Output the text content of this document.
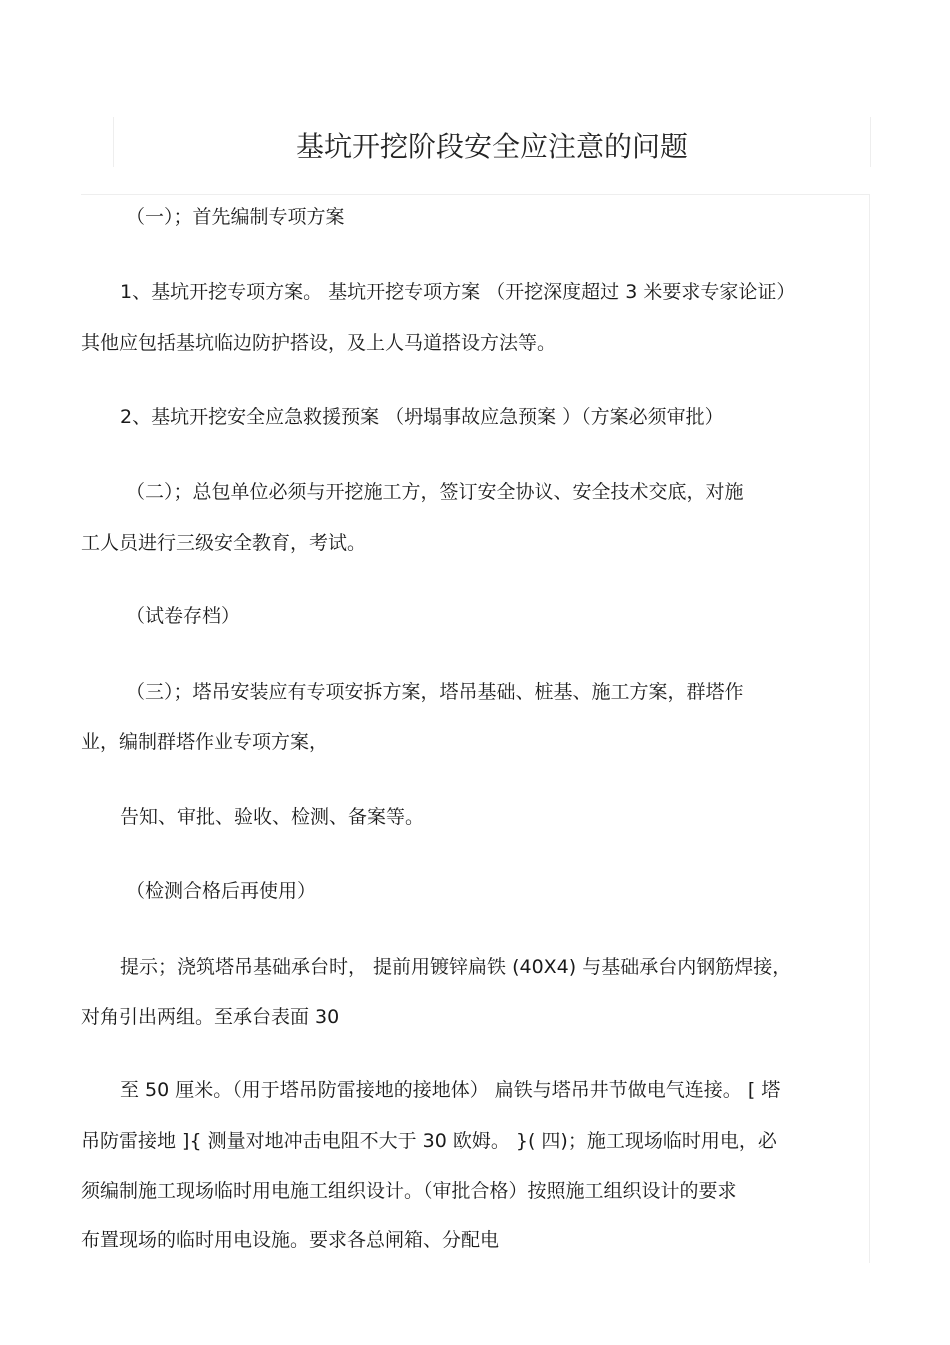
基坑开挖阶段安全应注意的问题
（一）；首先编制专项方案
1、基坑开挖专项方案。 基坑开挖专项方案 （开挖深度超过 3 米要求专家论证）
其他应包括基坑临边防护搭设，及上人马道搭设方法等。
2、基坑开挖安全应急救援预案 （坍塌事故应急预案 ）（方案必须审批）
（二）；总包单位必须与开挖施工方，签订安全协议、安全技术交底，对施
工人员进行三级安全教育，考试。
（试卷存档）
（三）；塔吊安装应有专项安拆方案，塔吊基础、桩基、施工方案，群塔作
业，编制群塔作业专项方案，
告知、审批、验收、检测、备案等。
（检测合格后再使用）
提示；浇筑塔吊基础承台时， 提前用镀锌扁铁 (40X4) 与基础承台内钢筋焊接，
对角引出两组。至承台表面 30
至 50 厘米。（用于塔吊防雷接地的接地体） 扁铁与塔吊井节做电气连接。 [ 塔
吊防雷接地 ]{ 测量对地冲击电阻不大于 30 欧姆。 }( 四)；施工现场临时用电，必
须编制施工现场临时用电施工组织设计。（审批合格）按照施工组织设计的要求
布置现场的临时用电设施。要求各总闸箱、分配电
